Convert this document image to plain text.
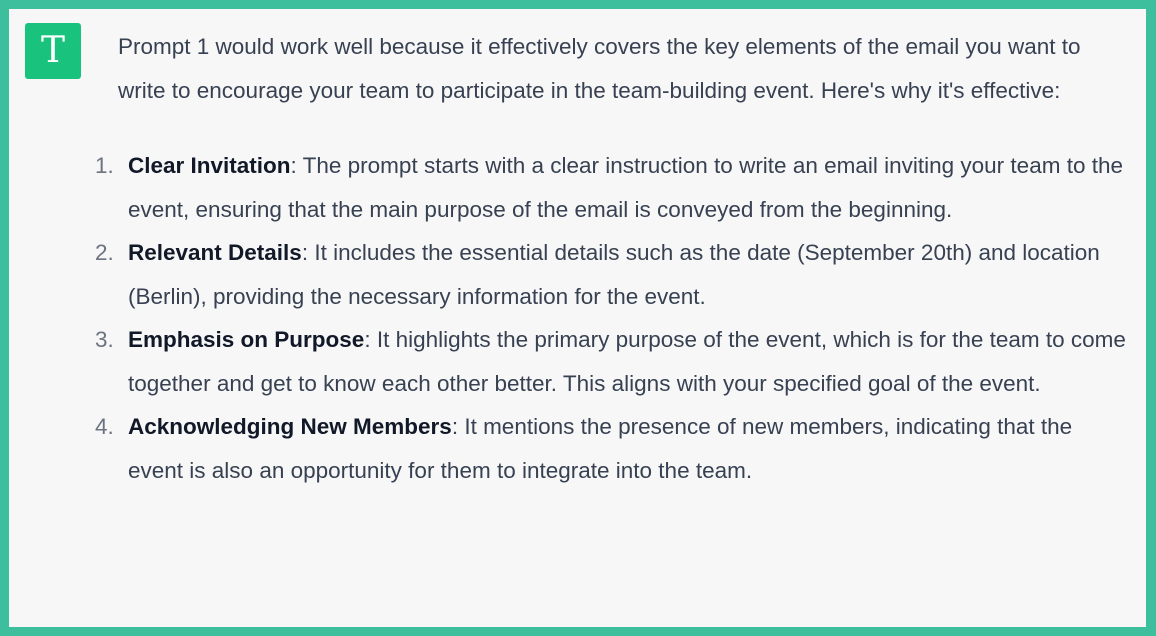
T	Prompt 1 would work well because it effectively covers the key elements of the email you want to write to encourage your team to participate in the team-building event. Here's why it's effective:

1. Clear Invitation: The prompt starts with a clear instruction to write an email inviting your team to the event, ensuring that the main purpose of the email is conveyed from the beginning.
2. Relevant Details: It includes the essential details such as the date (September 20th) and location (Berlin), providing the necessary information for the event.
3. Emphasis on Purpose: It highlights the primary purpose of the event, which is for the team to come together and get to know each other better. This aligns with your specified goal of the event.
4. Acknowledging New Members: It mentions the presence of new members, indicating that the event is also an opportunity for them to integrate into the team.
